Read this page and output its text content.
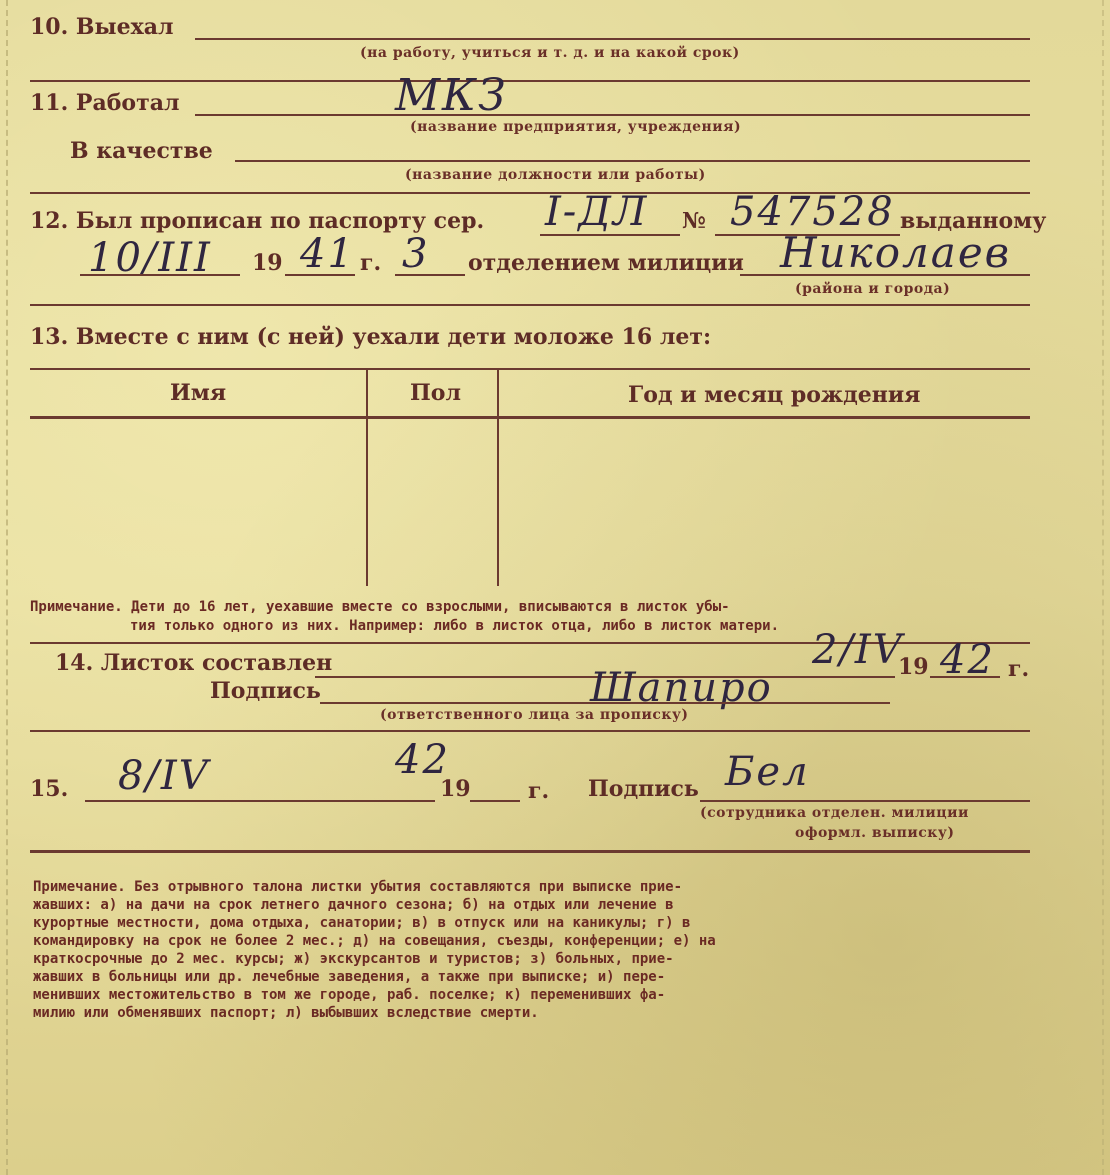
10. Выехал
(на работу, учиться и т. д. и на какой срок)
11. Работал	МКЗ
(название предприятия, учреждения)
В качестве
(название должности или работы)
12. Был прописан по паспорту сер. I-ДЛ № 547528 выданному
10/III 19 41 г. 3 отделением милиции Николаев
(района и города)
13. Вместе с ним (с ней) уехали дети моложе 16 лет:
Имя	Пол	Год и месяц рождения
Примечание. Дети до 16 лет, уехавшие вместе со взрослыми, вписываются в листок убы-
тия только одного из них. Например: либо в листок отца, либо в листок матери.
14. Листок составлен	2/IV
19 42 г.
Подпись	Шапиро
(ответственного лица за прописку)
15. 8/IV	42
19	г. Подпись Бел
(сотрудника отделен. милиции
оформл. выписку)
Примечание. Без отрывного талона листки убытия составляются при выписке прие-
жавших: а) на дачи на срок летнего дачного сезона; б) на отдых или лечение в
курортные местности, дома отдыха, санатории; в) в отпуск или на каникулы; г) в
командировку на срок не более 2 мес.; д) на совещания, съезды, конференции; е) на
краткосрочные до 2 мес. курсы; ж) экскурсантов и туристов; з) больных, прие-
жавших в больницы или др. лечебные заведения, а также при выписке; и) пере-
менивших местожительство в том же городе, раб. поселке; к) переменивших фа-
милию или обменявших паспорт; л) выбывших вследствие смерти.
